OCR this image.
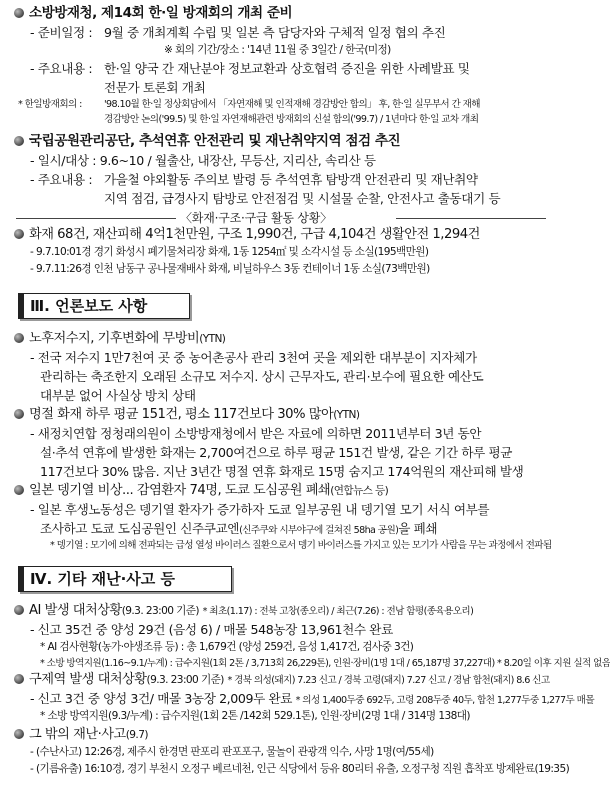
소방방재청, 제14회 한·일 방재회의 개최 준비
- 준비일정 : 9월 중 개최계획 수립 및 일본 측 담당자와 구체적 일정 협의 추진
※ 회의 기간/장소 : '14년 11월 중 3일간 / 한국(미정)
- 주요내용 : 한·일 양국 간 재난분야 정보교환과 상호협력 증진을 위한 사례발표 및
전문가 토론회 개최
* 한일방재회의 : '98.10월 한·일 정상회담에서 「자연재해 및 인적재해 경감방안 합의」 후, 한·일 실무부서 간 재해
경감방안 논의('99.5) 및 한·일 자연재해관련 방재회의 신설 합의('99.7) / 1년마다 한·일 교차 개최
국립공원관리공단, 추석연휴 안전관리 및 재난취약지역 점검 추진
- 일시/대상 : 9.6~10 / 월출산, 내장산, 무등산, 지리산, 속리산 등
- 주요내용 : 가을철 야외활동 주의보 발령 등 추석연휴 탐방객 안전관리 및 재난취약
지역 점검, 급경사지 탐방로 안전점검 및 시설물 순찰, 안전사고 출동대기 등
〈화재·구조·구급 활동 상황〉
화재 68건, 재산피해 4억1천만원, 구조 1,990건, 구급 4,104건 생활안전 1,294건
- 9.7.10:01경 경기 화성시 폐기물처리장 화재, 1동 1254㎡ 및 소각시설 등 소실(195백만원)
- 9.7.11:26경 인천 남동구 공나물재배사 화재, 비닐하우스 3동 컨테이너 1동 소실(73백만원)
Ⅲ. 언론보도 사항
노후저수지, 기후변화에 무방비(YTN)
- 전국 저수지 1만7천여 곳 중 농어촌공사 관리 3천여 곳을 제외한 대부분이 지자체가
관리하는 축조한지 오래된 소규모 저수지. 상시 근무자도, 관리·보수에 필요한 예산도
대부분 없어 사실상 방치 상태
명절 화재 하루 평균 151건, 평소 117건보다 30% 많아(YTN)
- 새정치연합 정청래의원이 소방방재청에서 받은 자료에 의하면 2011년부터 3년 동안
설·추석 연휴에 발생한 화재는 2,700여건으로 하루 평균 151건 발생, 같은 기간 하루 평균
117건보다 30% 많음. 지난 3년간 명절 연휴 화재로 15명 숨지고 174억원의 재산피해 발생
일본 뎅기열 비상... 감염환자 74명, 도쿄 도심공원 폐쇄(연합뉴스 등)
- 일본 후생노동성은 뎅기열 환자가 증가하자 도쿄 일부공원 내 뎅기열 모기 서식 여부를
조사하고 도쿄 도심공원인 신주쿠교엔(신주쿠와 시부야구에 걸쳐진 58ha 공원)을 폐쇄
* 뎅기열 : 모기에 의해 전파되는 급성 열성 바이러스 질환으로서 뎅기 바이러스를 가지고 있는 모기가 사람을 무는 과정에서 전파됨
Ⅳ. 기타 재난·사고 등
AI 발생 대처상황(9.3. 23:00 기준) * 최초(1.17) : 전북 고창(종오리) / 최근(7.26) : 전남 함평(종육용오리)
- 신고 35건 중 양성 29건 (음성 6) / 매몰 548농장 13,961천수 완료
* AI 검사현황(농가·야생조류 등) : 총 1,679건 (양성 259건, 음성 1,417건, 검사중 3건)
* 소방 방역지원(1.16~9.1/누계) : 급수지원(1회 2톤 / 3,713회 26,229톤), 인원·장비(1명 1대 / 65,187명 37,227대) * 8.20일 이후 지원 실적 없음
구제역 발생 대처상황(9.3. 23:00 기준) * 경북 의성(돼지) 7.23 신고 / 경북 고령(돼지) 7.27 신고 / 경남 합천(돼지) 8.6 신고
- 신고 3건 중 양성 3건/ 매몰 3농장 2,009두 완료 * 의성 1,400두중 692두, 고령 208두중 40두, 합천 1,277두중 1,277두 매몰
* 소방 방역지원(9.3/누계) : 급수지원(1회 2톤 /142회 529.1톤), 인원·장비(2명 1대 / 314명 138대)
그 밖의 재난·사고(9.7)
- (수난사고) 12:26경, 제주시 한경면 판포리 판포포구, 물놀이 관광객 익수, 사망 1명(여/55세)
- (기름유출) 16:10경, 경기 부천시 오정구 베르네천, 인근 식당에서 등유 80리터 유출, 오정구청 직원 흡착포 방제완료(19:35)
